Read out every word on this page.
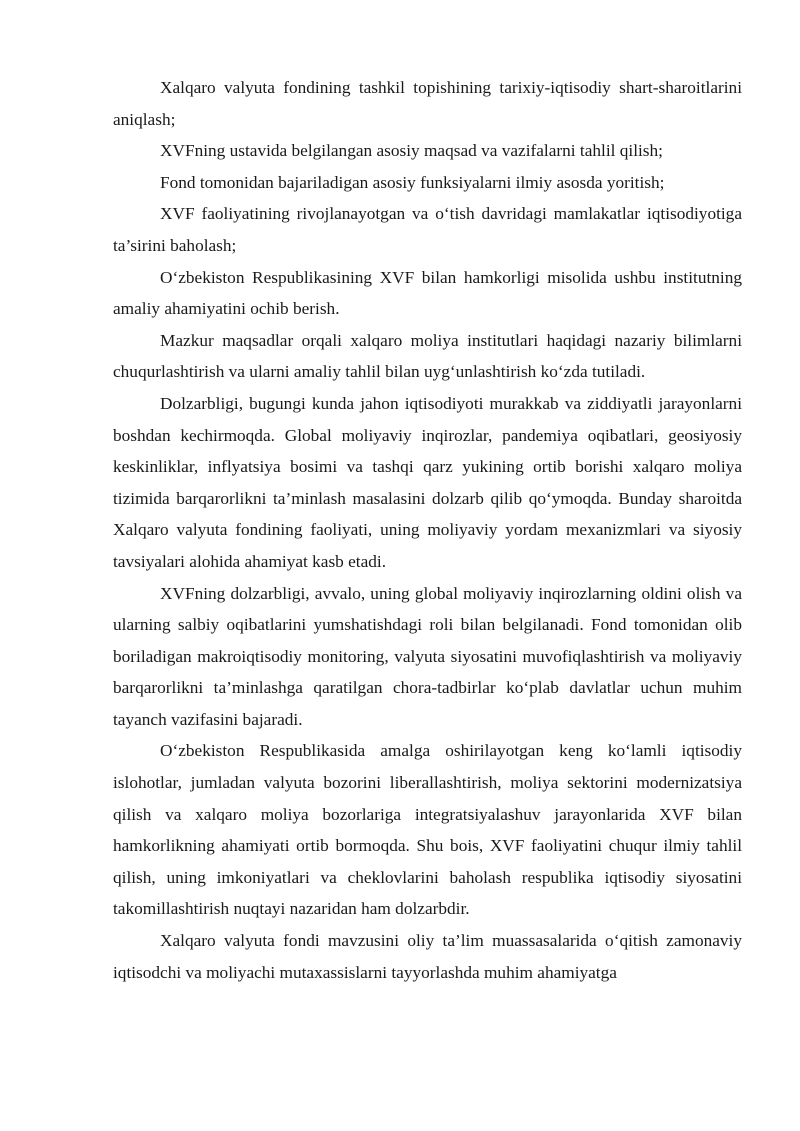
Xalqaro valyuta fondining tashkil topishining tarixiy-iqtisodiy shart-sharoitlarini aniqlash;

XVFning ustavida belgilangan asosiy maqsad va vazifalarni tahlil qilish;

Fond tomonidan bajariladigan asosiy funksiyalarni ilmiy asosda yoritish;

XVF faoliyatining rivojlanayotgan va o‘tish davridagi mamlakatlar iqtisodiyotiga ta’sirini baholash;

O‘zbekiston Respublikasining XVF bilan hamkorligi misolida ushbu institutning amaliy ahamiyatini ochib berish.

Mazkur maqsadlar orqali xalqaro moliya institutlari haqidagi nazariy bilimlarni chuqurlashtirish va ularni amaliy tahlil bilan uyg‘unlashtirish ko‘zda tutiladi.

Dolzarbligi, bugungi kunda jahon iqtisodiyoti murakkab va ziddiyatli jarayonlarni boshdan kechirmoqda. Global moliyaviy inqirozlar, pandemiya oqibatlari, geosiyosiy keskinliklar, inflyatsiya bosimi va tashqi qarz yukining ortib borishi xalqaro moliya tizimida barqarorlikni ta’minlash masalasini dolzarb qilib qo‘ymoqda. Bunday sharoitda Xalqaro valyuta fondining faoliyati, uning moliyaviy yordam mexanizmlari va siyosiy tavsiyalari alohida ahamiyat kasb etadi.

XVFning dolzarbligi, avvalo, uning global moliyaviy inqirozlarning oldini olish va ularning salbiy oqibatlarini yumshatishdagi roli bilan belgilanadi. Fond tomonidan olib boriladigan makroiqtisodiy monitoring, valyuta siyosatini muvofiqlashtirish va moliyaviy barqarorlikni ta’minlashga qaratilgan chora-tadbirlar ko‘plab davlatlar uchun muhim tayanch vazifasini bajaradi.

O‘zbekiston Respublikasida amalga oshirilayotgan keng ko‘lamli iqtisodiy islohotlar, jumladan valyuta bozorini liberallashtirish, moliya sektorini modernizatsiya qilish va xalqaro moliya bozorlariga integratsiyalashuv jarayonlarida XVF bilan hamkorlikning ahamiyati ortib bormoqda. Shu bois, XVF faoliyatini chuqur ilmiy tahlil qilish, uning imkoniyatlari va cheklovlarini baholash respublika iqtisodiy siyosatini takomillashtirish nuqtayi nazaridan ham dolzarbdir.

Xalqaro valyuta fondi mavzusini oliy ta’lim muassasalarida o‘qitish zamonaviy iqtisodchi va moliyachi mutaxassislarni tayyorlashda muhim ahamiyatga
